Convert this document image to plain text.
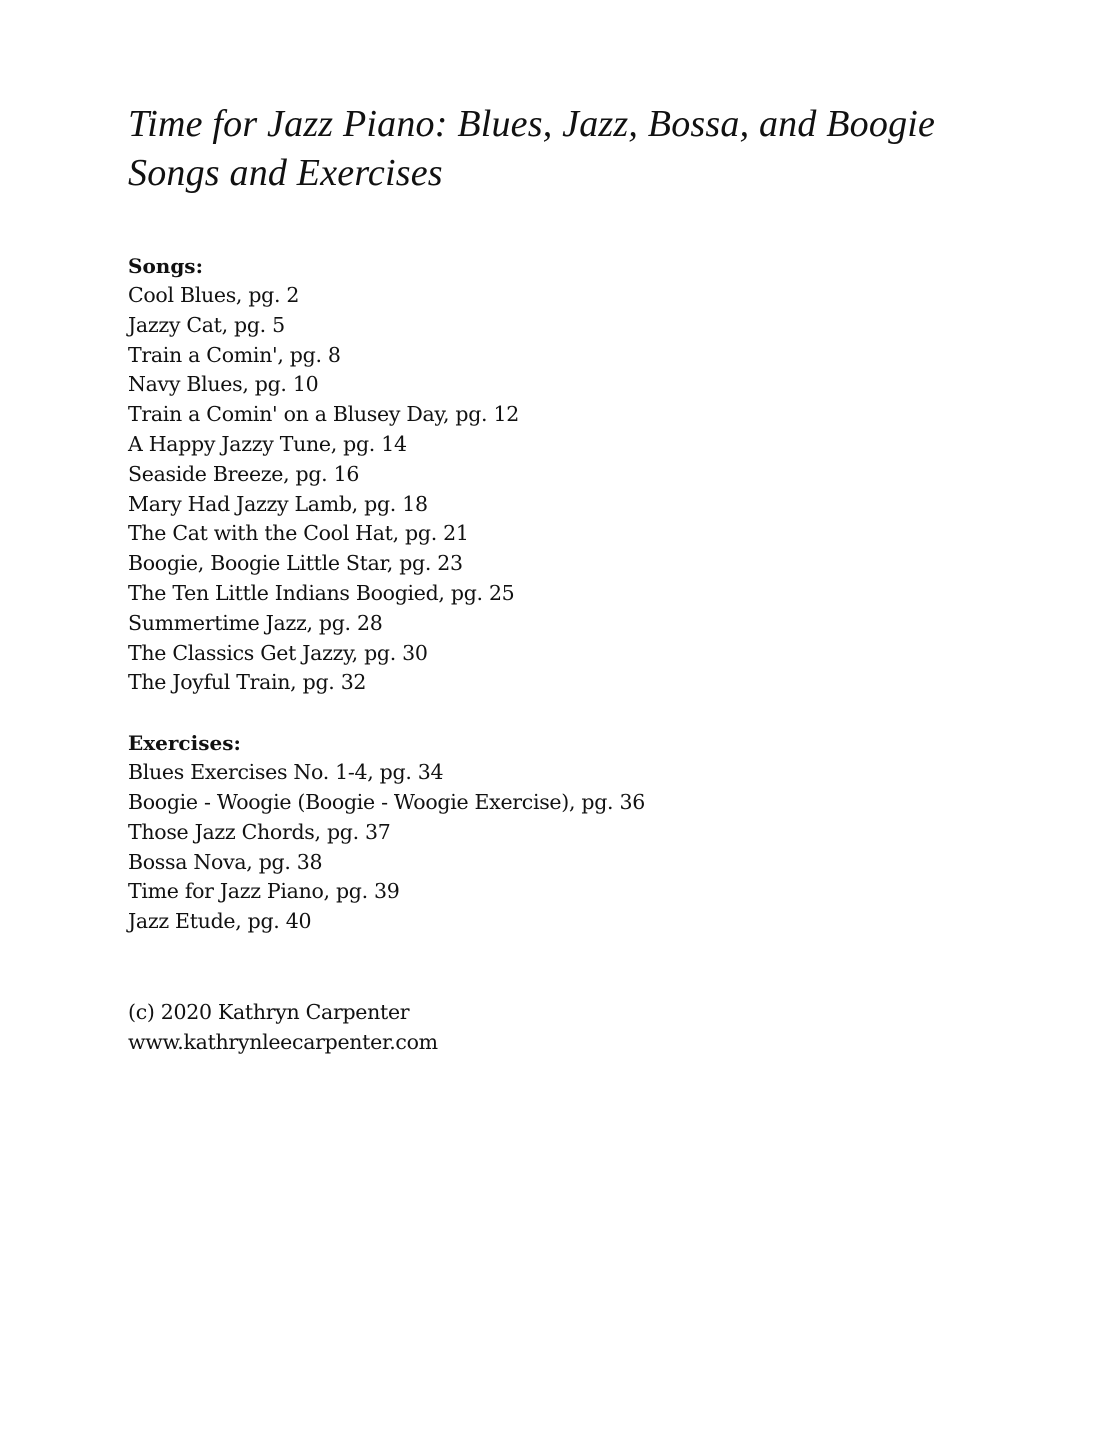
Time for Jazz Piano: Blues, Jazz, Bossa, and Boogie
Songs and Exercises
Songs:
Cool Blues, pg. 2
Jazzy Cat, pg. 5
Train a Comin', pg. 8
Navy Blues, pg. 10
Train a Comin' on a Blusey Day, pg. 12
A Happy Jazzy Tune, pg. 14
Seaside Breeze, pg. 16
Mary Had Jazzy Lamb, pg. 18
The Cat with the Cool Hat, pg. 21
Boogie, Boogie Little Star, pg. 23
The Ten Little Indians Boogied, pg. 25
Summertime Jazz, pg. 28
The Classics Get Jazzy, pg. 30
The Joyful Train, pg. 32
Exercises:
Blues Exercises No. 1-4, pg. 34
Boogie - Woogie (Boogie - Woogie Exercise), pg. 36
Those Jazz Chords, pg. 37
Bossa Nova, pg. 38
Time for Jazz Piano, pg. 39
Jazz Etude, pg. 40
(c) 2020 Kathryn Carpenter
www.kathrynleecarpenter.com
